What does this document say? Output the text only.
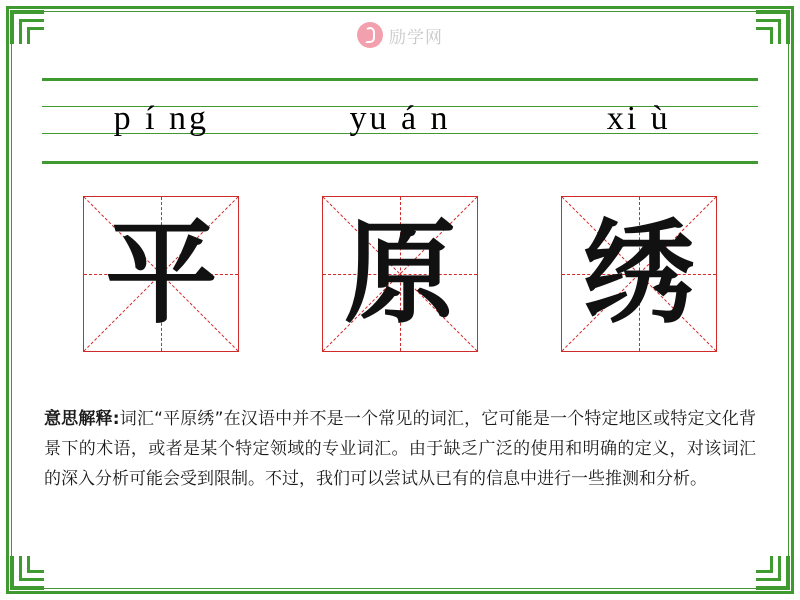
励学网
p í ng	yu á n	xi ù
平 原 绣
意思解释:词汇“平原绣”在汉语中并不是一个常见的词汇，它可能是一个特定地区或特定文化背景下的术语，或者是某个特定领域的专业词汇。由于缺乏广泛的使用和明确的定义，对该词汇的深入分析可能会受到限制。不过，我们可以尝试从已有的信息中进行一些推测和分析。
